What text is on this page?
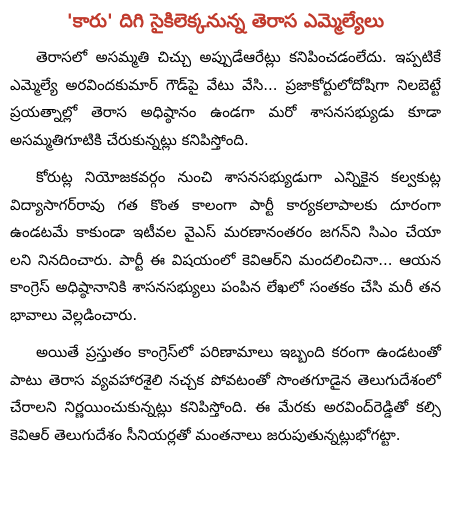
'కారు' దిగి సైకిలెక్కనున్న తెరాస ఎమ్మెల్యేలు

తెరాసలో అసమ్మతి చిచ్చు అప్పుడేఆరేట్లు కనిపించడంలేదు. ఇప్పటికే ఎమ్మెల్యే అరవిందకుమార్ గౌడ్‌పై వేటు వేసి... ప్రజాకోర్టులోదోషిగా నిలబెట్టే ప్రయత్నాల్లో తెరాస అధిష్ఠానం ఉండగా మరో శాసనసభ్యుడు కూడా అసమ్మతిగూటికి చేరుకున్నట్లు కనిపిస్తోంది.

కోరుట్ల నియోజకవర్గం నుంచి శాసనసభ్యుడుగా ఎన్నికైన కల్వకుట్ల విద్యాసాగర్‌రావు గత కొంత కాలంగా పార్టీ కార్యకలాపాలకు దూరంగా ఉండటమే కాకుండా ఇటీవల వైఎస్ మరణానంతరం జగన్‌ని సిఎం చేయా లని నినదించారు. పార్టీ ఈ విషయంలో కెవిఆర్‌ని మందలించినా... ఆయన కాంగ్రెస్ అధిష్ఠానానికి శాసనసభ్యులు పంపిన లేఖలో సంతకం చేసి మరీ తన భావాలు వెల్లడించారు.

అయితే ప్రస్తుతం కాంగ్రెస్‌లో పరిణామాలు ఇబ్బంది కరంగా ఉండటంతో పాటు తెరాస వ్యవహారశైలి నచ్చక పోవటంతో సొంతగూడైన తెలుగుదేశంలో చేరాలని నిర్ణయించుకున్నట్లు కనిపిస్తోంది. ఈ మేరకు అరవింద్‌రెడ్డితో కల్సి కెవిఆర్ తెలుగుదేశం సీనియర్లతో మంతనాలు జరుపుతున్నట్లుభోగట్టా.
